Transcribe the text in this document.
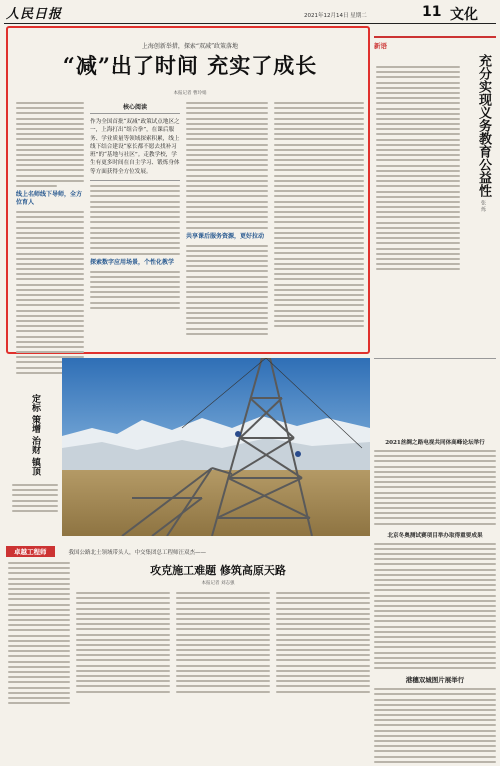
人民日报	2021年12月14日 星期二	11 文化
上海创新举措，探索“双减”政策落地
“减”出了时间 充实了成长
本报记者 曹玲娟
线上名师线下导师，全方位育人
核心阅读
作为全国首批“双减”政策试点地区之一，上海打出“组合拳”，在课后服务、学业质量等领域探索积累，线上线下结合建设“家长都不愿去找补习班”的“基地与社区”。走教学校，学生有更多时间在自主学习、锻炼身体等方面获得全方位发展。
探索数字应用场景，个性化教学
共享课后服务资源，更好拉动
新语
充分实现义务教育公益性
张 烁
2021丝绸之路电视共同体高峰论坛举行
北京冬奥测试赛项目举办取得重要成果
港穗双城图片展举行
定标 策增 治财 镇顶
卓越工程师	我国公路北土领域带头人，中交集团总工程师汪双杰——
攻克施工难题 修筑高原天路
本报记者 刘志强
